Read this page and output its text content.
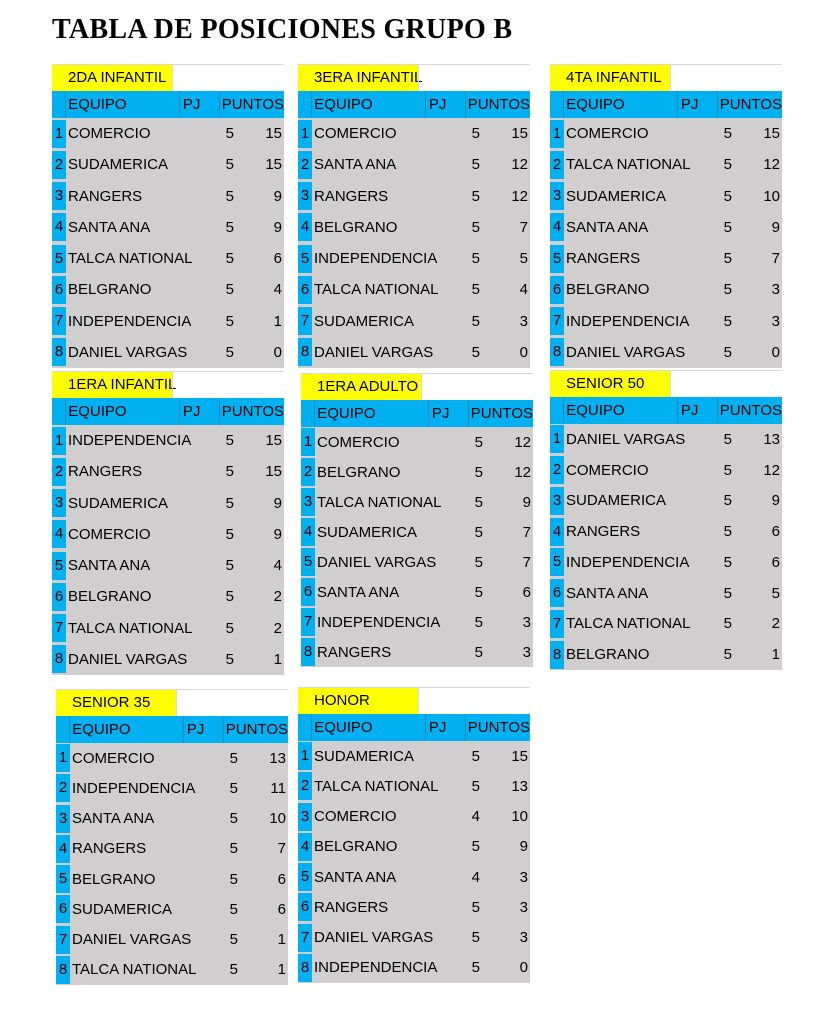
TABLA DE POSICIONES GRUPO B
2DA INFANTIL
EQUIPO	PJ	PUNTOS
1 COMERCIO	5	15
2 SUDAMERICA	5	15
3 RANGERS	5	9
4 SANTA ANA	5	9
5 TALCA NATIONAL	5	6
6 BELGRANO	5	4
7 INDEPENDENCIA	5	1
8 DANIEL VARGAS	5	0
3ERA INFANTIL
EQUIPO	PJ	PUNTOS
1 COMERCIO	5	15
2 SANTA ANA	5	12
3 RANGERS	5	12
4 BELGRANO	5	7
5 INDEPENDENCIA	5	5
6 TALCA NATIONAL	5	4
7 SUDAMERICA	5	3
8 DANIEL VARGAS	5	0
4TA INFANTIL
EQUIPO	PJ	PUNTOS
1 COMERCIO	5	15
2 TALCA NATIONAL	5	12
3 SUDAMERICA	5	10
4 SANTA ANA	5	9
5 RANGERS	5	7
6 BELGRANO	5	3
7 INDEPENDENCIA	5	3
8 DANIEL VARGAS	5	0
1ERA INFANTIL
EQUIPO	PJ	PUNTOS
1 INDEPENDENCIA	5	15
2 RANGERS	5	15
3 SUDAMERICA	5	9
4 COMERCIO	5	9
5 SANTA ANA	5	4
6 BELGRANO	5	2
7 TALCA NATIONAL	5	2
8 DANIEL VARGAS	5	1
1ERA ADULTO
EQUIPO	PJ	PUNTOS
1 COMERCIO	5	12
2 BELGRANO	5	12
3 TALCA NATIONAL	5	9
4 SUDAMERICA	5	7
5 DANIEL VARGAS	5	7
6 SANTA ANA	5	6
7 INDEPENDENCIA	5	3
8 RANGERS	5	3
SENIOR 50
EQUIPO	PJ	PUNTOS
1 DANIEL VARGAS	5	13
2 COMERCIO	5	12
3 SUDAMERICA	5	9
4 RANGERS	5	6
5 INDEPENDENCIA	5	6
6 SANTA ANA	5	5
7 TALCA NATIONAL	5	2
8 BELGRANO	5	1
SENIOR 35
EQUIPO	PJ	PUNTOS
1 COMERCIO	5	13
2 INDEPENDENCIA	5	11
3 SANTA ANA	5	10
4 RANGERS	5	7
5 BELGRANO	5	6
6 SUDAMERICA	5	6
7 DANIEL VARGAS	5	1
8 TALCA NATIONAL	5	1
HONOR
EQUIPO	PJ	PUNTOS
1 SUDAMERICA	5	15
2 TALCA NATIONAL	5	13
3 COMERCIO	4	10
4 BELGRANO	5	9
5 SANTA ANA	4	3
6 RANGERS	5	3
7 DANIEL VARGAS	5	3
8 INDEPENDENCIA	5	0
